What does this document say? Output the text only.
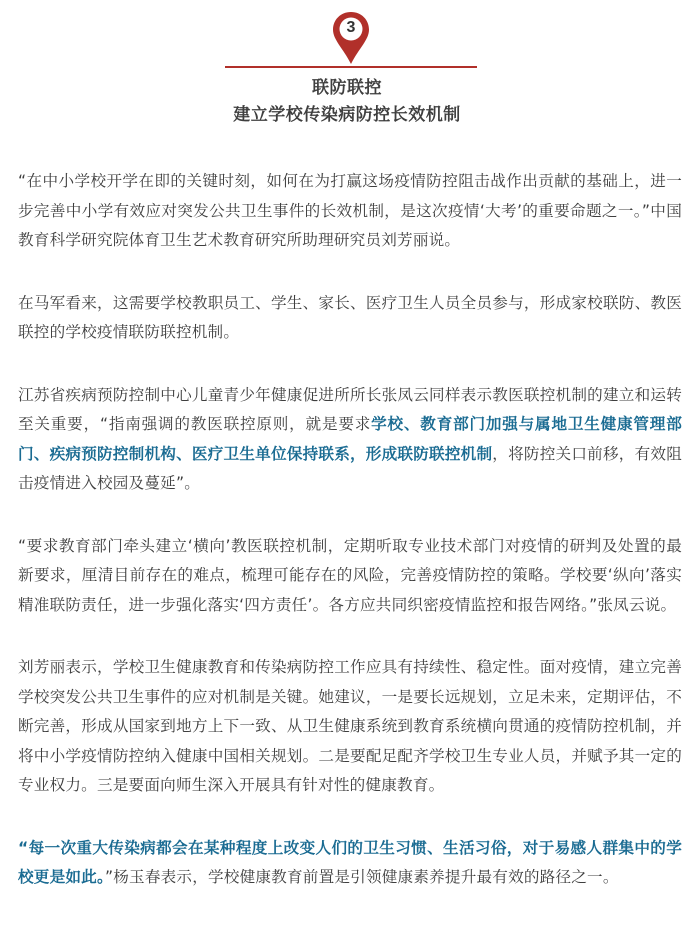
3
联防联控
建立学校传染病防控长效机制

“在中小学校开学在即的关键时刻，如何在为打赢这场疫情防控阻击战作出贡献的基础上，进一步完善中小学有效应对突发公共卫生事件的长效机制，是这次疫情‘大考’的重要命题之一。”中国教育科学研究院体育卫生艺术教育研究所助理研究员刘芳丽说。

在马军看来，这需要学校教职员工、学生、家长、医疗卫生人员全员参与，形成家校联防、教医联控的学校疫情联防联控机制。

江苏省疾病预防控制中心儿童青少年健康促进所所长张凤云同样表示教医联控机制的建立和运转至关重要，“指南强调的教医联控原则，就是要求学校、教育部门加强与属地卫生健康管理部门、疾病预防控制机构、医疗卫生单位保持联系，形成联防联控机制，将防控关口前移，有效阻击疫情进入校园及蔓延”。

“要求教育部门牵头建立‘横向’教医联控机制，定期听取专业技术部门对疫情的研判及处置的最新要求，厘清目前存在的难点，梳理可能存在的风险，完善疫情防控的策略。学校要‘纵向’落实精准联防责任，进一步强化落实‘四方责任’。各方应共同织密疫情监控和报告网络。”张凤云说。

刘芳丽表示，学校卫生健康教育和传染病防控工作应具有持续性、稳定性。面对疫情，建立完善学校突发公共卫生事件的应对机制是关键。她建议，一是要长远规划，立足未来，定期评估，不断完善，形成从国家到地方上下一致、从卫生健康系统到教育系统横向贯通的疫情防控机制，并将中小学疫情防控纳入健康中国相关规划。二是要配足配齐学校卫生专业人员，并赋予其一定的专业权力。三是要面向师生深入开展具有针对性的健康教育。

“每一次重大传染病都会在某种程度上改变人们的卫生习惯、生活习俗，对于易感人群集中的学校更是如此。”杨玉春表示，学校健康教育前置是引领健康素养提升最有效的路径之一。
